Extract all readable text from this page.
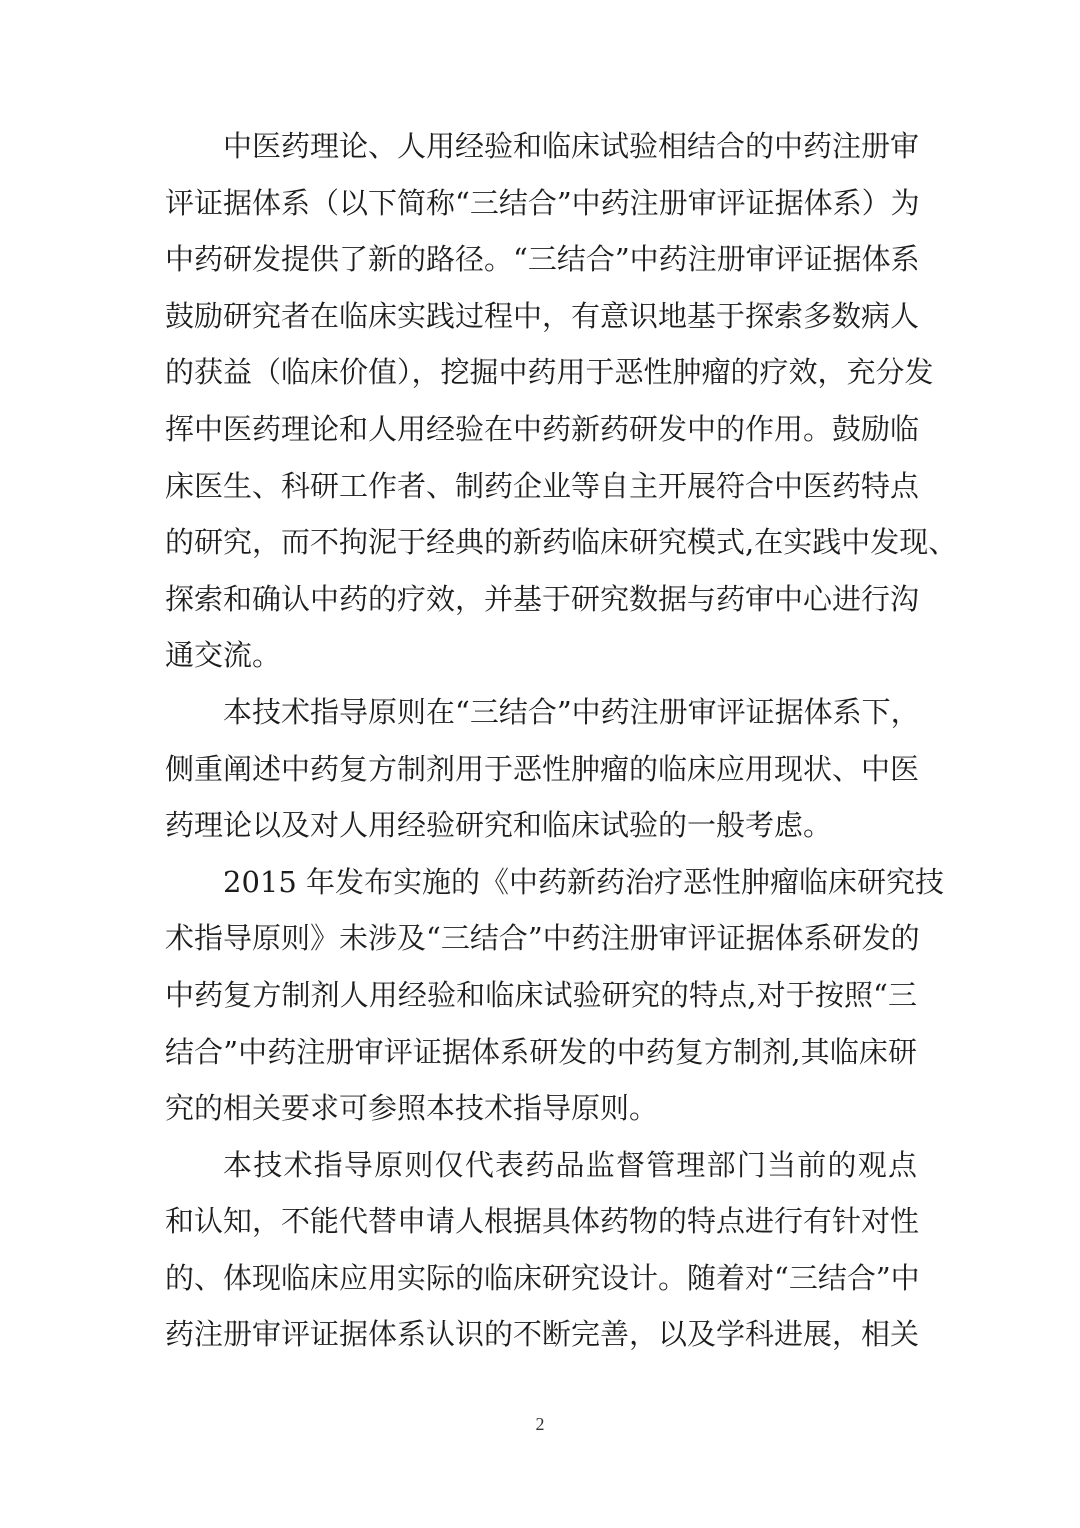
中医药理论、人用经验和临床试验相结合的中药注册审
评证据体系（以下简称“三结合”中药注册审评证据体系）为
中药研发提供了新的路径。“三结合”中药注册审评证据体系
鼓励研究者在临床实践过程中，有意识地基于探索多数病人
的获益（临床价值），挖掘中药用于恶性肿瘤的疗效，充分发
挥中医药理论和人用经验在中药新药研发中的作用。鼓励临
床医生、科研工作者、制药企业等自主开展符合中医药特点
的研究，而不拘泥于经典的新药临床研究模式,在实践中发现、
探索和确认中药的疗效，并基于研究数据与药审中心进行沟
通交流。
本技术指导原则在“三结合”中药注册审评证据体系下，
侧重阐述中药复方制剂用于恶性肿瘤的临床应用现状、中医
药理论以及对人用经验研究和临床试验的一般考虑。
2015 年发布实施的《中药新药治疗恶性肿瘤临床研究技
术指导原则》未涉及“三结合”中药注册审评证据体系研发的
中药复方制剂人用经验和临床试验研究的特点,对于按照“三
结合”中药注册审评证据体系研发的中药复方制剂,其临床研
究的相关要求可参照本技术指导原则。
本技术指导原则仅代表药品监督管理部门当前的观点
和认知，不能代替申请人根据具体药物的特点进行有针对性
的、体现临床应用实际的临床研究设计。随着对“三结合”中
药注册审评证据体系认识的不断完善，以及学科进展，相关
2
